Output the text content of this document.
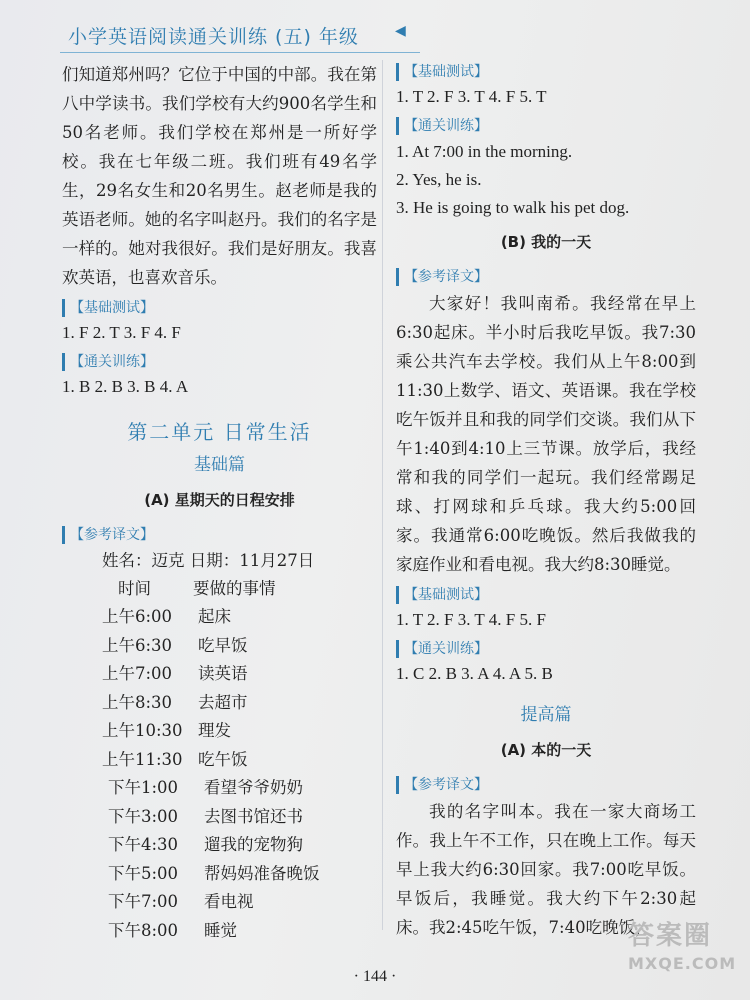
小学英语阅读通关训练 (五) 年级	◀

们知道郑州吗？它位于中国的中部。我在第八中学读书。我们学校有大约900名学生和50名老师。我们学校在郑州是一所好学校。我在七年级二班。我们班有49名学生，29名女生和20名男生。赵老师是我的英语老师。她的名字叫赵丹。我们的名字是一样的。她对我很好。我们是好朋友。我喜欢英语，也喜欢音乐。

【基础测试】

1. F 2. T 3. F 4. F

【通关训练】

1. B 2. B 3. B 4. A

第二单元 日常生活
基础篇
(A) 星期天的日程安排
【参考译文】
姓名：迈克 日期：11月27日
时间        要做的事情
上午6:00	起床
上午6:30	吃早饭
上午7:00	读英语
上午8:30	去超市
上午10:30 理发
上午11:30 吃午饭
下午1:00	看望爷爷奶奶
下午3:00	去图书馆还书
下午4:30	遛我的宠物狗
下午5:00	帮妈妈准备晚饭
下午7:00	看电视
下午8:00	睡觉
【基础测试】

1. T 2. F 3. T 4. F 5. T

【通关训练】

1. At 7:00 in the morning.

2. Yes, he is.

3. He is going to walk his pet dog.

(B) 我的一天
【参考译文】

大家好！我叫南希。我经常在早上6:30起床。半小时后我吃早饭。我7:30乘公共汽车去学校。我们从上午8:00到11:30上数学、语文、英语课。我在学校吃午饭并且和我的同学们交谈。我们从下午1:40到4:10上三节课。放学后，我经常和我的同学们一起玩。我们经常踢足球、打网球和乒乓球。我大约5:00回家。我通常6:00吃晚饭。然后我做我的家庭作业和看电视。我大约8:30睡觉。

【基础测试】

1. T 2. F 3. T 4. F 5. F

【通关训练】

1. C 2. B 3. A 4. A 5. B

提高篇
(A) 本的一天
【参考译文】

我的名字叫本。我在一家大商场工作。我上午不工作，只在晚上工作。每天早上我大约6:30回家。我7:00吃早饭。早饭后，我睡觉。我大约下午2:30起床。我2:45吃午饭，7:40吃晚饭，

· 144 ·
答案圈
MXQE.COM
